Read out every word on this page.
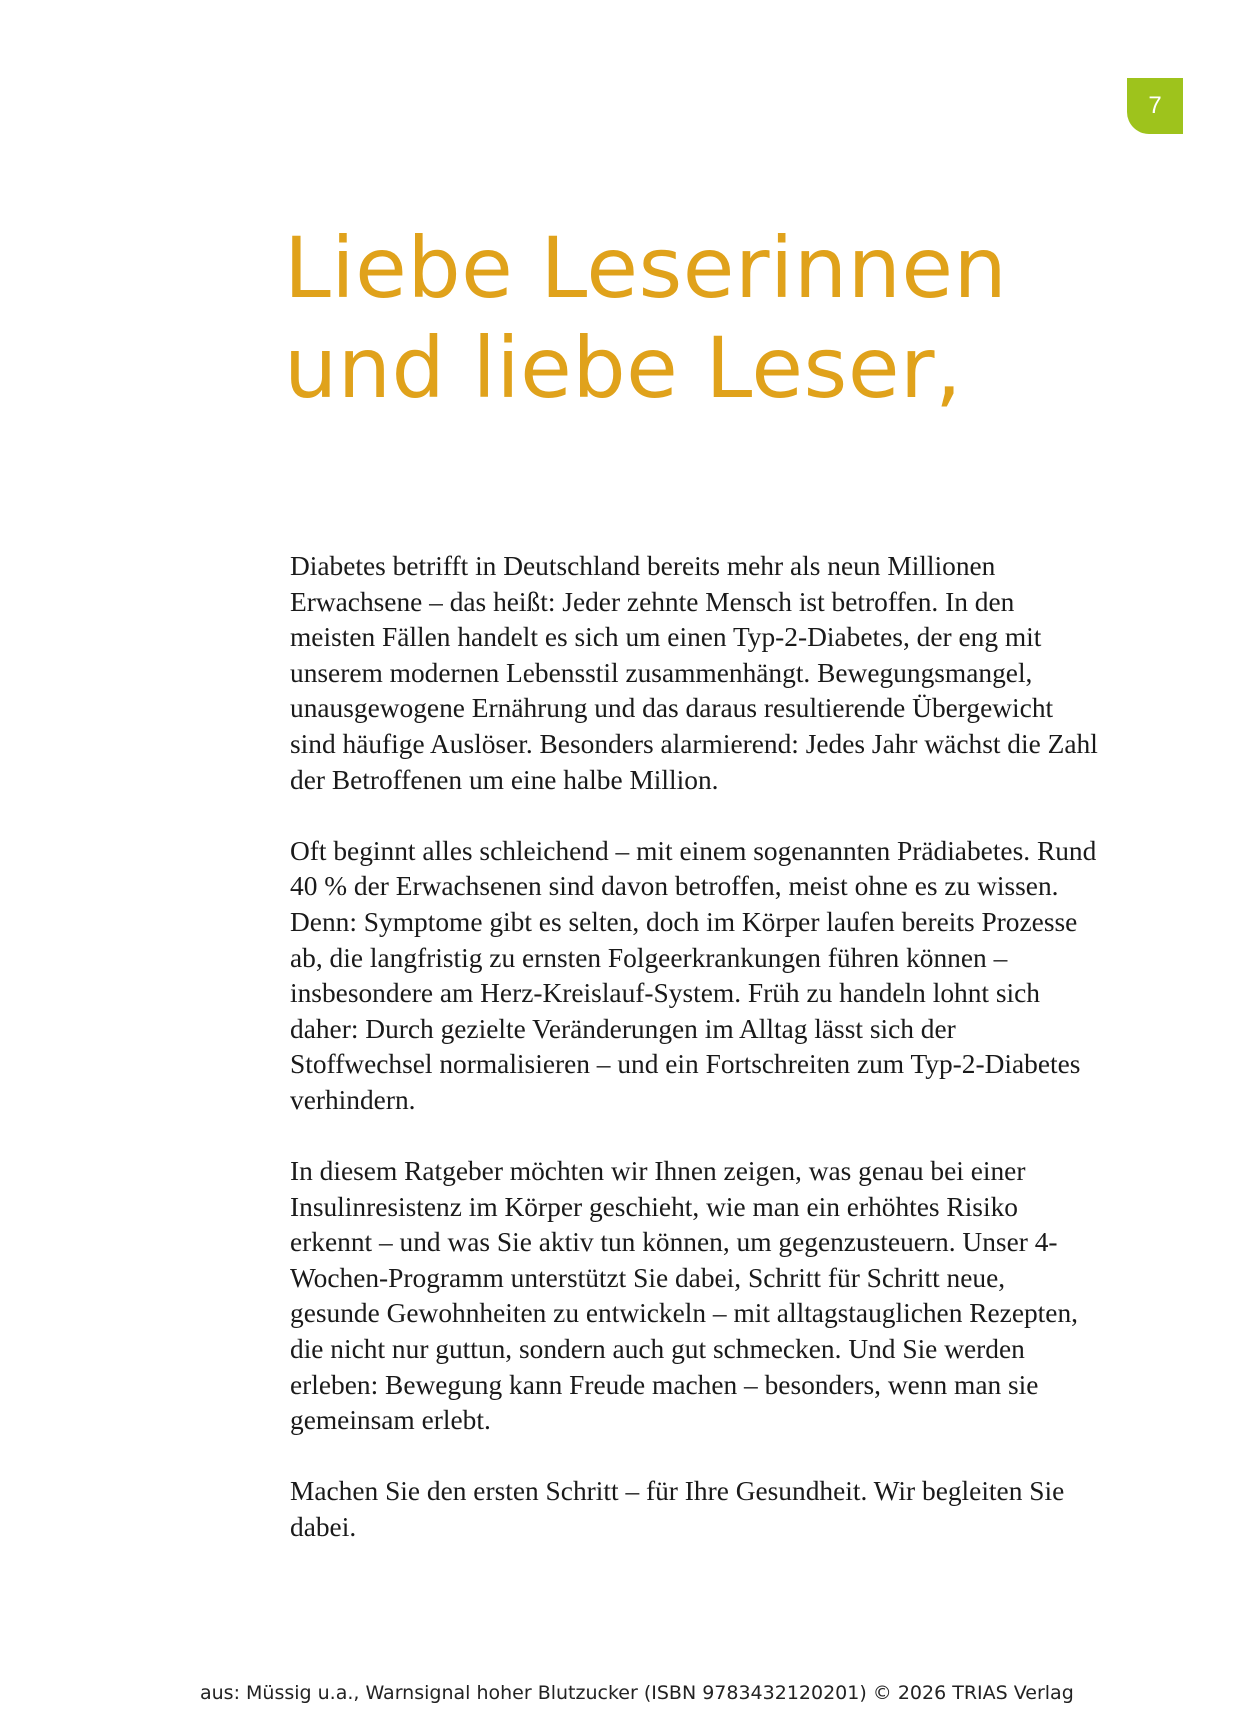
7
Liebe Leserinnen
und liebe Leser,

Diabetes betrifft in Deutschland bereits mehr als neun Millionen Erwachsene – das heißt: Jeder zehnte Mensch ist betroffen. In den meisten Fällen handelt es sich um einen Typ-2-Diabetes, der eng mit unserem modernen Lebensstil zusammenhängt. Bewegungsmangel, unausgewogene Ernährung und das daraus resultierende Übergewicht sind häufige Auslöser. Besonders alarmierend: Jedes Jahr wächst die Zahl der Betroffenen um eine halbe Million.

Oft beginnt alles schleichend – mit einem sogenannten Prädiabetes. Rund 40 % der Erwachsenen sind davon betroffen, meist ohne es zu wissen. Denn: Symptome gibt es selten, doch im Körper laufen bereits Prozesse ab, die langfristig zu ernsten Folgeerkrankungen führen können – insbesondere am Herz-Kreislauf-System. Früh zu handeln lohnt sich daher: Durch gezielte Veränderungen im Alltag lässt sich der Stoffwechsel normalisieren – und ein Fortschreiten zum Typ-2-Diabetes verhindern.

In diesem Ratgeber möchten wir Ihnen zeigen, was genau bei einer Insulinresistenz im Körper geschieht, wie man ein erhöhtes Risiko erkennt – und was Sie aktiv tun können, um gegenzusteuern. Unser 4-Wochen-Programm unterstützt Sie dabei, Schritt für Schritt neue, gesunde Gewohnheiten zu entwickeln – mit alltagstauglichen Rezepten, die nicht nur guttun, sondern auch gut schmecken. Und Sie werden erleben: Bewegung kann Freude machen – besonders, wenn man sie gemeinsam erlebt.

Machen Sie den ersten Schritt – für Ihre Gesundheit. Wir begleiten Sie dabei.

aus: Müssig u.a., Warnsignal hoher Blutzucker (ISBN 9783432120201) © 2026 TRIAS Verlag
